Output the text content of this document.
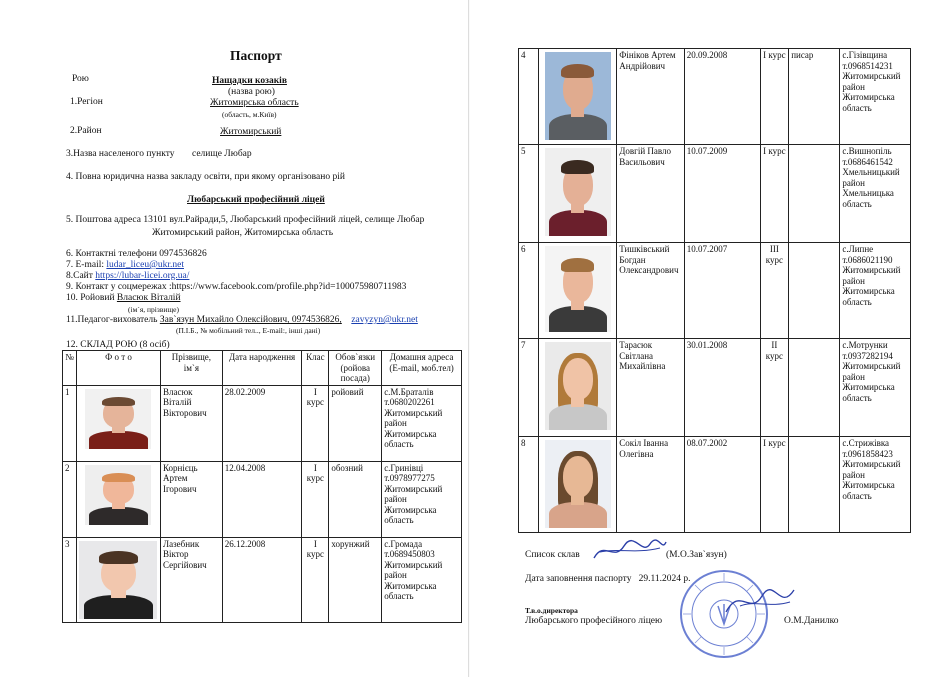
Паспорт
Рою	Нащадки козаків
(назва рою)
1.Регіон	Житомирська область
(область, м.Київ)
2.Район	Житомирський
3.Назва населеного пункту селище Любар
4. Повна юридична назва закладу освіти, при якому організовано рій
Любарський професійний ліцей
5. Поштова адреса 13101 вул.Райради,5, Любарський професійний ліцей, селище Любар
Житомирський район, Житомирська область
6. Контактні телефони 0974536826
7. E-mail: ludar_liceu@ukr.net
8.Сайт https://lubar-licei.org.ua/
9. Контакт у соцмережах :https://www.facebook.com/profile.php?id=100075980711983
10. Ройовий Власюк Віталій
(ім`я, прізвище)
11.Педагог-вихователь Зав`язун Михайло Олексійович, 0974536826, zavyzyn@ukr.net
(П.І.Б., № мобільний тел.., E-mail:, інші дані)
12. СКЛАД РОЮ (8 осіб)
№	Ф о т о	Прізвище, ім`я	Дата народження	Клас	Обов`язки (ройова посада)	Домашня адреса (E-mail, моб.тел)
1		Власюк Віталій Вікторович	28.02.2009	І курс	ройовий	с.М.Браталів т.0680202261 Житомирський район Житомирська область
2		Корнієць Артем Ігорович	12.04.2008	І курс	обозний	с.Гринівці т.0978977275 Житомирський район Житомирська область
3		Лазебник Віктор Сергійович	26.12.2008	І курс	хорунжий	с.Громада т.0689450803 Житомирський район Житомирська область
4		Фініков Артем Андрійович	20.09.2008	І курс	писар	с.Гізівщина т.0968514231 Житомирський район Житомирська область
5		Довгій Павло Васильович	10.07.2009	І курс		с.Вишнопіль т.0686461542 Хмельницький район Хмельницька область
6		Тишківський Богдан Олександрович	10.07.2007	ІІІ курс		с.Липне т.0686021190 Житомирський район Житомирська область
7		Тарасюк Світлана Михайлівна	30.01.2008	ІІ курс		с.Мотрунки т.0937282194 Житомирський район Житомирська область
8		Сокіл Іванна Олегівна	08.07.2002	І курс		с.Стрижівка т.0961858423 Житомирський район Житомирська область
Список склав	(М.О.Зав`язун)
Дата заповнення паспорту 29.11.2024 р.
Т.в.о.директора
Любарського професійного ліцею	О.М.Данилко
